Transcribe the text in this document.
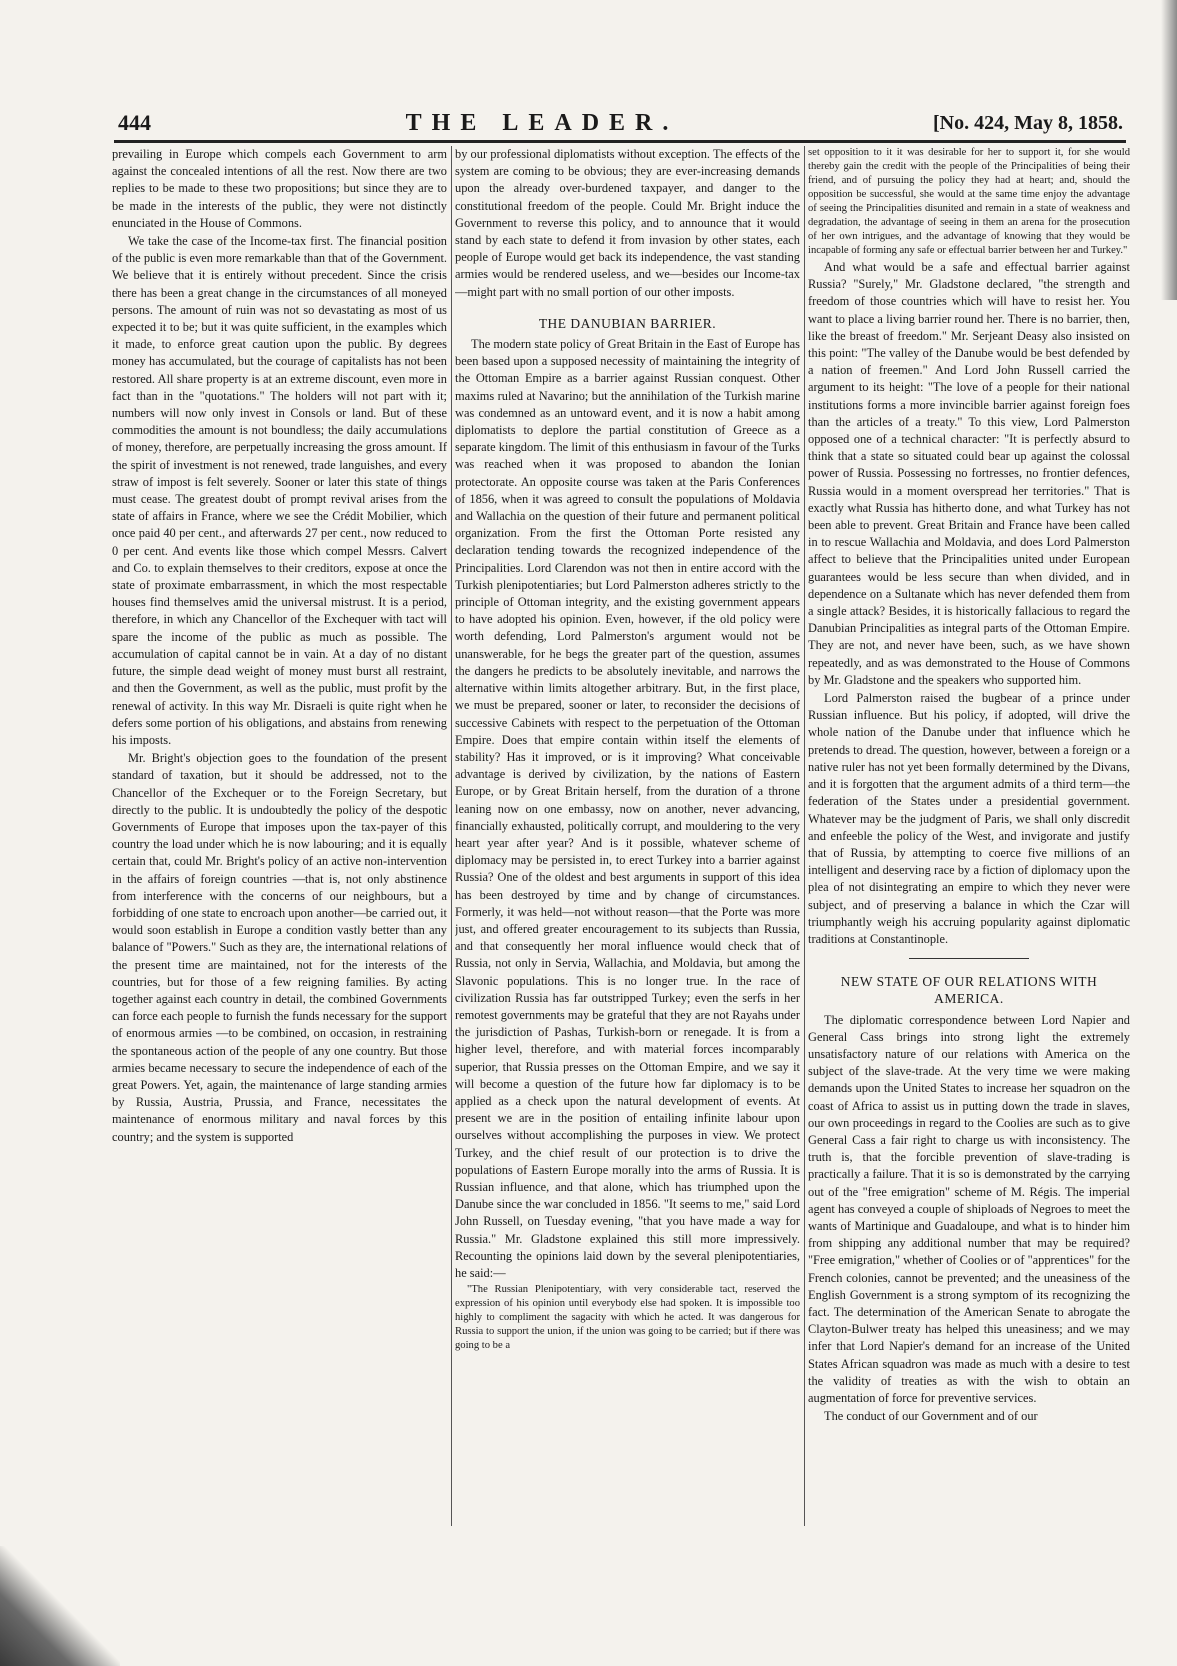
444	THE LEADER.	[No. 424, May 8, 1858.

prevailing in Europe which compels each Government to arm against the concealed intentions of all the rest. Now there are two replies to be made to these two propositions; but since they are to be made in the interests of the public, they were not distinctly enunciated in the House of Commons.

We take the case of the Income-tax first. The financial position of the public is even more remarkable than that of the Government. We believe that it is entirely without precedent. Since the crisis there has been a great change in the circumstances of all moneyed persons. The amount of ruin was not so devastating as most of us expected it to be; but it was quite sufficient, in the examples which it made, to enforce great caution upon the public. By degrees money has accumulated, but the courage of capitalists has not been restored. All share property is at an extreme discount, even more in fact than in the "quotations." The holders will not part with it; numbers will now only invest in Consols or land. But of these commodities the amount is not boundless; the daily accumulations of money, therefore, are perpetually increasing the gross amount. If the spirit of investment is not renewed, trade languishes, and every straw of impost is felt severely. Sooner or later this state of things must cease. The greatest doubt of prompt revival arises from the state of affairs in France, where we see the Crédit Mobilier, which once paid 40 per cent., and afterwards 27 per cent., now reduced to 0 per cent. And events like those which compel Messrs. Calvert and Co. to explain themselves to their creditors, expose at once the state of proximate embarrassment, in which the most respectable houses find themselves amid the universal mistrust. It is a period, therefore, in which any Chancellor of the Exchequer with tact will spare the income of the public as much as possible. The accumulation of capital cannot be in vain. At a day of no distant future, the simple dead weight of money must burst all restraint, and then the Government, as well as the public, must profit by the renewal of activity. In this way Mr. Disraeli is quite right when he defers some portion of his obligations, and abstains from renewing his imposts.

Mr. Bright's objection goes to the foundation of the present standard of taxation, but it should be addressed, not to the Chancellor of the Exchequer or to the Foreign Secretary, but directly to the public. It is undoubtedly the policy of the despotic Governments of Europe that imposes upon the tax-payer of this country the load under which he is now labouring; and it is equally certain that, could Mr. Bright's policy of an active non-intervention in the affairs of foreign countries —that is, not only abstinence from interference with the concerns of our neighbours, but a forbidding of one state to encroach upon another—be carried out, it would soon establish in Europe a condition vastly better than any balance of "Powers." Such as they are, the international relations of the present time are maintained, not for the interests of the countries, but for those of a few reigning families. By acting together against each country in detail, the combined Governments can force each people to furnish the funds necessary for the support of enormous armies —to be combined, on occasion, in restraining the spontaneous action of the people of any one country. But those armies became necessary to secure the independence of each of the great Powers. Yet, again, the maintenance of large standing armies by Russia, Austria, Prussia, and France, necessitates the maintenance of enormous military and naval forces by this country; and the system is supported

by our professional diplomatists without exception. The effects of the system are coming to be obvious; they are ever-increasing demands upon the already over-burdened taxpayer, and danger to the constitutional freedom of the people. Could Mr. Bright induce the Government to reverse this policy, and to announce that it would stand by each state to defend it from invasion by other states, each people of Europe would get back its independence, the vast standing armies would be rendered useless, and we—besides our Income-tax—might part with no small portion of our other imposts.

THE DANUBIAN BARRIER.

The modern state policy of Great Britain in the East of Europe has been based upon a supposed necessity of maintaining the integrity of the Ottoman Empire as a barrier against Russian conquest. Other maxims ruled at Navarino; but the annihilation of the Turkish marine was condemned as an untoward event, and it is now a habit among diplomatists to deplore the partial constitution of Greece as a separate kingdom. The limit of this enthusiasm in favour of the Turks was reached when it was proposed to abandon the Ionian protectorate. An opposite course was taken at the Paris Conferences of 1856, when it was agreed to consult the populations of Moldavia and Wallachia on the question of their future and permanent political organization. From the first the Ottoman Porte resisted any declaration tending towards the recognized independence of the Principalities. Lord Clarendon was not then in entire accord with the Turkish plenipotentiaries; but Lord Palmerston adheres strictly to the principle of Ottoman integrity, and the existing government appears to have adopted his opinion. Even, however, if the old policy were worth defending, Lord Palmerston's argument would not be unanswerable, for he begs the greater part of the question, assumes the dangers he predicts to be absolutely inevitable, and narrows the alternative within limits altogether arbitrary. But, in the first place, we must be prepared, sooner or later, to reconsider the decisions of successive Cabinets with respect to the perpetuation of the Ottoman Empire. Does that empire contain within itself the elements of stability? Has it improved, or is it improving? What conceivable advantage is derived by civilization, by the nations of Eastern Europe, or by Great Britain herself, from the duration of a throne leaning now on one embassy, now on another, never advancing, financially exhausted, politically corrupt, and mouldering to the very heart year after year? And is it possible, whatever scheme of diplomacy may be persisted in, to erect Turkey into a barrier against Russia? One of the oldest and best arguments in support of this idea has been destroyed by time and by change of circumstances. Formerly, it was held—not without reason—that the Porte was more just, and offered greater encouragement to its subjects than Russia, and that consequently her moral influence would check that of Russia, not only in Servia, Wallachia, and Moldavia, but among the Slavonic populations. This is no longer true. In the race of civilization Russia has far outstripped Turkey; even the serfs in her remotest governments may be grateful that they are not Rayahs under the jurisdiction of Pashas, Turkish-born or renegade. It is from a higher level, therefore, and with material forces incomparably superior, that Russia presses on the Ottoman Empire, and we say it will become a question of the future how far diplomacy is to be applied as a check upon the natural development of events. At present we are in the position of entailing infinite labour upon ourselves without accomplishing the purposes in view. We protect Turkey, and the chief result of our protection is to drive the populations of Eastern Europe morally into the arms of Russia. It is Russian influence, and that alone, which has triumphed upon the Danube since the war concluded in 1856. "It seems to me," said Lord John Russell, on Tuesday evening, "that you have made a way for Russia." Mr. Gladstone explained this still more impressively. Recounting the opinions laid down by the several plenipotentiaries, he said:—

"The Russian Plenipotentiary, with very considerable tact, reserved the expression of his opinion until everybody else had spoken. It is impossible too highly to compliment the sagacity with which he acted. It was dangerous for Russia to support the union, if the union was going to be carried; but if there was going to be a

set opposition to it it was desirable for her to support it, for she would thereby gain the credit with the people of the Principalities of being their friend, and of pursuing the policy they had at heart; and, should the opposition be successful, she would at the same time enjoy the advantage of seeing the Principalities disunited and remain in a state of weakness and degradation, the advantage of seeing in them an arena for the prosecution of her own intrigues, and the advantage of knowing that they would be incapable of forming any safe or effectual barrier between her and Turkey."

And what would be a safe and effectual barrier against Russia? "Surely," Mr. Gladstone declared, "the strength and freedom of those countries which will have to resist her. You want to place a living barrier round her. There is no barrier, then, like the breast of freedom." Mr. Serjeant Deasy also insisted on this point: "The valley of the Danube would be best defended by a nation of freemen." And Lord John Russell carried the argument to its height: "The love of a people for their national institutions forms a more invincible barrier against foreign foes than the articles of a treaty." To this view, Lord Palmerston opposed one of a technical character: "It is perfectly absurd to think that a state so situated could bear up against the colossal power of Russia. Possessing no fortresses, no frontier defences, Russia would in a moment overspread her territories." That is exactly what Russia has hitherto done, and what Turkey has not been able to prevent. Great Britain and France have been called in to rescue Wallachia and Moldavia, and does Lord Palmerston affect to believe that the Principalities united under European guarantees would be less secure than when divided, and in dependence on a Sultanate which has never defended them from a single attack? Besides, it is historically fallacious to regard the Danubian Principalities as integral parts of the Ottoman Empire. They are not, and never have been, such, as we have shown repeatedly, and as was demonstrated to the House of Commons by Mr. Gladstone and the speakers who supported him.

Lord Palmerston raised the bugbear of a prince under Russian influence. But his policy, if adopted, will drive the whole nation of the Danube under that influence which he pretends to dread. The question, however, between a foreign or a native ruler has not yet been formally determined by the Divans, and it is forgotten that the argument admits of a third term—the federation of the States under a presidential government. Whatever may be the judgment of Paris, we shall only discredit and enfeeble the policy of the West, and invigorate and justify that of Russia, by attempting to coerce five millions of an intelligent and deserving race by a fiction of diplomacy upon the plea of not disintegrating an empire to which they never were subject, and of preserving a balance in which the Czar will triumphantly weigh his accruing popularity against diplomatic traditions at Constantinople.

NEW STATE OF OUR RELATIONS WITH AMERICA.

The diplomatic correspondence between Lord Napier and General Cass brings into strong light the extremely unsatisfactory nature of our relations with America on the subject of the slave-trade. At the very time we were making demands upon the United States to increase her squadron on the coast of Africa to assist us in putting down the trade in slaves, our own proceedings in regard to the Coolies are such as to give General Cass a fair right to charge us with inconsistency. The truth is, that the forcible prevention of slave-trading is practically a failure. That it is so is demonstrated by the carrying out of the "free emigration" scheme of M. Régis. The imperial agent has conveyed a couple of shiploads of Negroes to meet the wants of Martinique and Guadaloupe, and what is to hinder him from shipping any additional number that may be required? "Free emigration," whether of Coolies or of "apprentices" for the French colonies, cannot be prevented; and the uneasiness of the English Government is a strong symptom of its recognizing the fact. The determination of the American Senate to abrogate the Clayton-Bulwer treaty has helped this uneasiness; and we may infer that Lord Napier's demand for an increase of the United States African squadron was made as much with a desire to test the validity of treaties as with the wish to obtain an augmentation of force for preventive services.

The conduct of our Government and of our
